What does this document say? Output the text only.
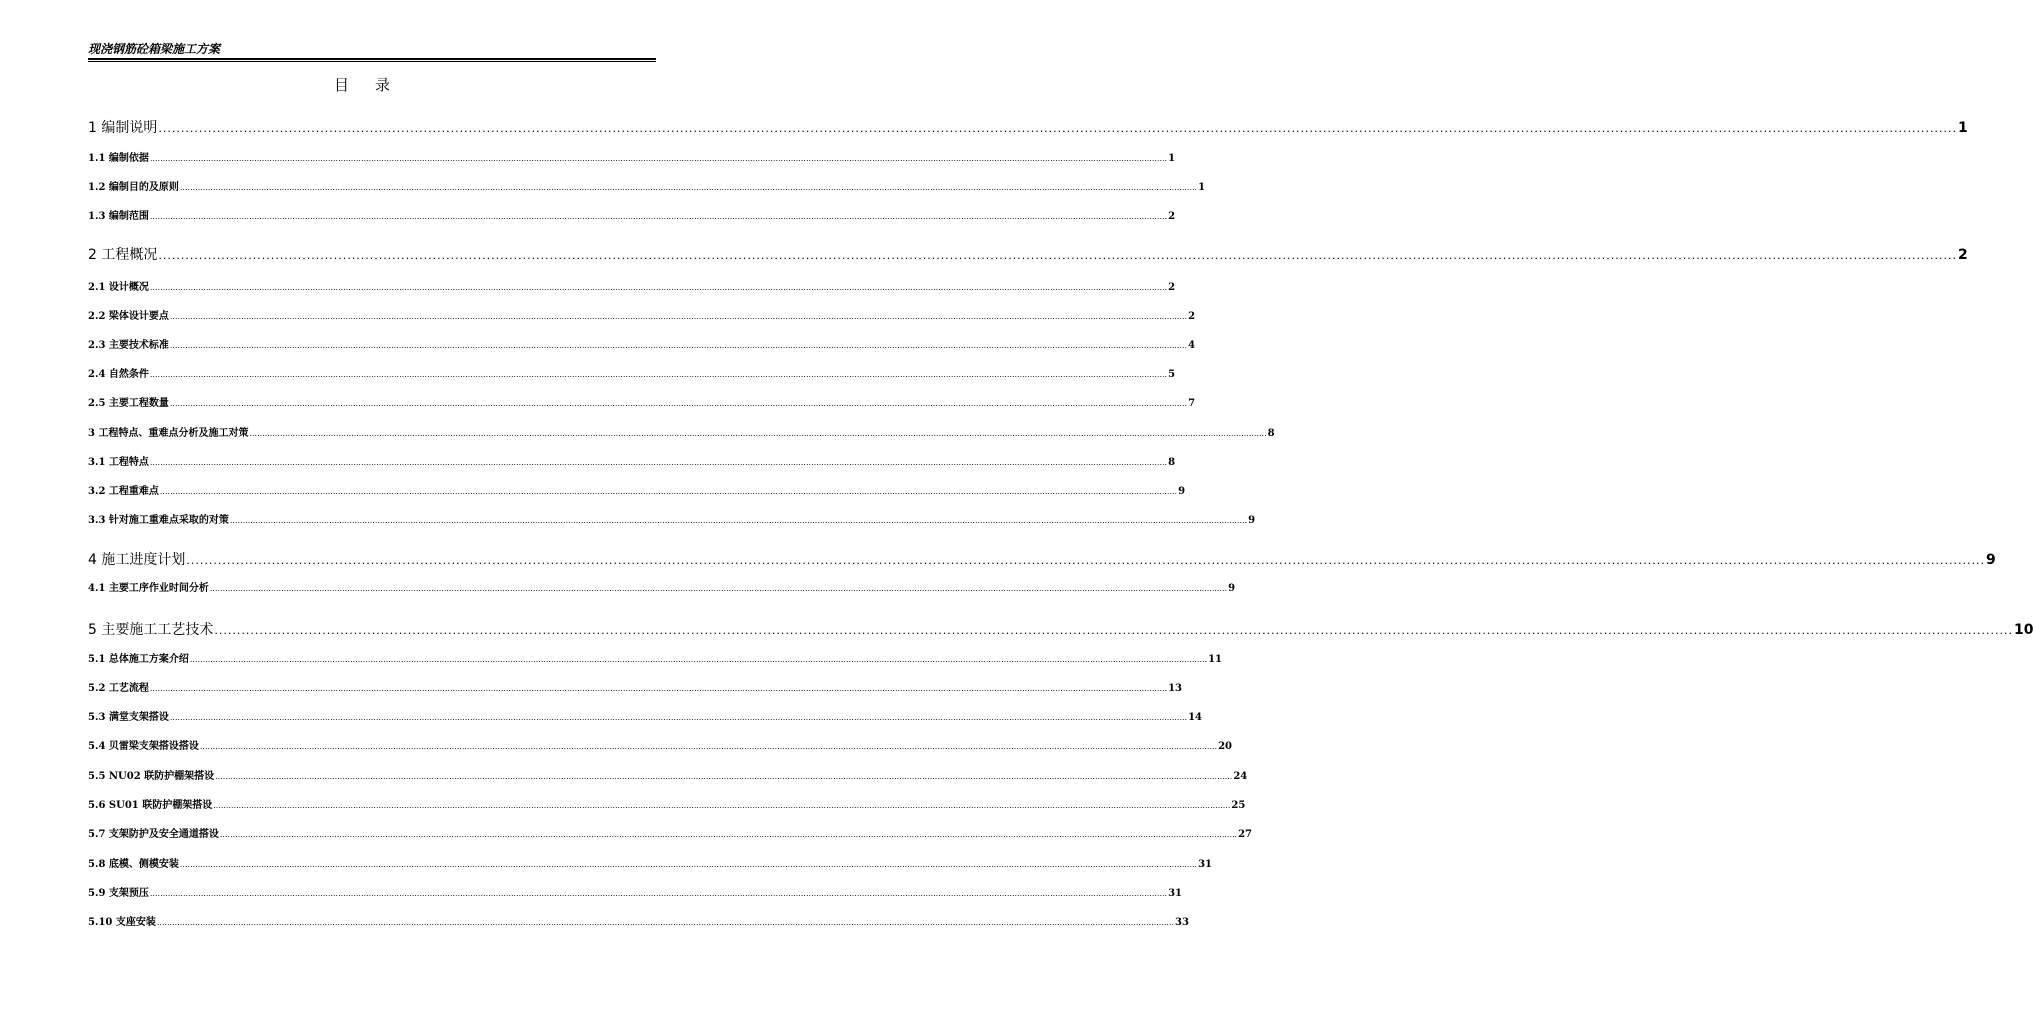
现浇钢筋砼箱梁施工方案
目录
1 编制说明 ................................................................................................................................................................................................................................................................................................................................................................................................................ 1
1.1 编制依据 ................................................................................................................................................................................................................................................................................................................................................................................................................ 1
1.2 编制目的及原则 ................................................................................................................................................................................................................................................................................................................................................................................................................ 1
1.3 编制范围 ................................................................................................................................................................................................................................................................................................................................................................................................................ 2
2 工程概况 ................................................................................................................................................................................................................................................................................................................................................................................................................ 2
2.1 设计概况 ................................................................................................................................................................................................................................................................................................................................................................................................................ 2
2.2 梁体设计要点 ................................................................................................................................................................................................................................................................................................................................................................................................................ 2
2.3 主要技术标准 ................................................................................................................................................................................................................................................................................................................................................................................................................ 4
2.4 自然条件 ................................................................................................................................................................................................................................................................................................................................................................................................................ 5
2.5 主要工程数量 ................................................................................................................................................................................................................................................................................................................................................................................................................ 7
3 工程特点、重难点分析及施工对策 ................................................................................................................................................................................................................................................................................................................................................................................................................ 8
3.1 工程特点 ................................................................................................................................................................................................................................................................................................................................................................................................................ 8
3.2 工程重难点 ................................................................................................................................................................................................................................................................................................................................................................................................................ 9
3.3 针对施工重难点采取的对策 ................................................................................................................................................................................................................................................................................................................................................................................................................ 9
4 施工进度计划 ................................................................................................................................................................................................................................................................................................................................................................................................................ 9
4.1 主要工序作业时间分析 ................................................................................................................................................................................................................................................................................................................................................................................................................ 9
5 主要施工工艺技术 ................................................................................................................................................................................................................................................................................................................................................................................................................ 10
5.1 总体施工方案介绍 ................................................................................................................................................................................................................................................................................................................................................................................................................ 11
5.2 工艺流程 ................................................................................................................................................................................................................................................................................................................................................................................................................ 13
5.3 满堂支架搭设 ................................................................................................................................................................................................................................................................................................................................................................................................................ 14
5.4 贝雷梁支架搭设搭设 ................................................................................................................................................................................................................................................................................................................................................................................................................ 20
5.5 NU02 联防护棚架搭设 ................................................................................................................................................................................................................................................................................................................................................................................................................ 24
5.6 SU01 联防护棚架搭设 ................................................................................................................................................................................................................................................................................................................................................................................................................ 25
5.7 支架防护及安全通道搭设 ................................................................................................................................................................................................................................................................................................................................................................................................................ 27
5.8 底模、侧模安装 ................................................................................................................................................................................................................................................................................................................................................................................................................ 31
5.9 支架预压 ................................................................................................................................................................................................................................................................................................................................................................................................................ 31
5.10 支座安装 ................................................................................................................................................................................................................................................................................................................................................................................................................ 33
